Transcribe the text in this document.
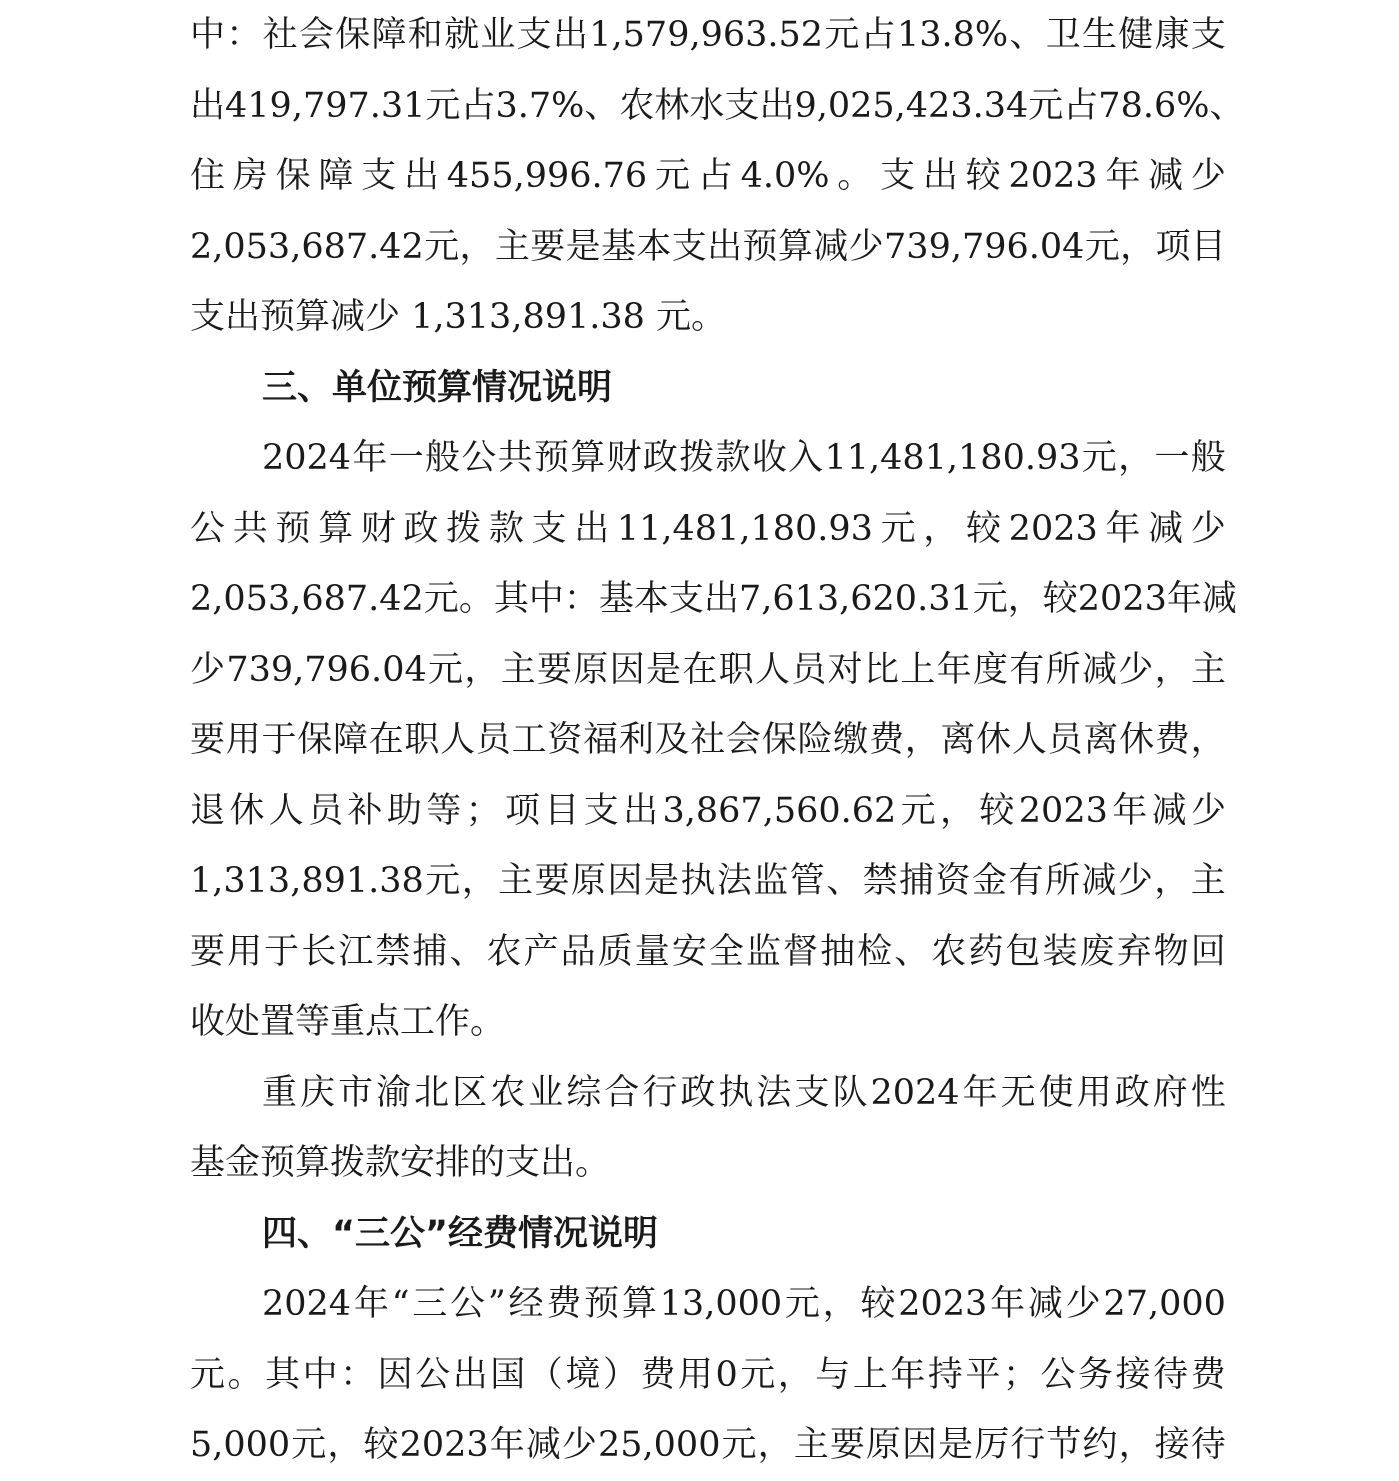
中 ： 社 会 保 障 和 就 业 支 出 1,579,963.52 元 占 13.8% 、 卫 生 健 康 支
出 419,797.31 元 占 3.7% 、 农 林 水 支 出 9,025,423.34 元 占 78.6% 、
住 房 保 障 支 出 455,996.76 元 占 4.0% 。 支 出 较 2023 年 减 少
2,053,687.42 元 ， 主 要 是 基 本 支 出 预 算 减 少 739,796.04 元 ， 项 目
支出预算减少 1,313,891.38 元。
三、单位预算情况说明
2024 年 一 般 公 共 预 算 财 政 拨 款 收 入 11,481,180.93 元 ， 一 般
公 共 预 算 财 政 拨 款 支 出 11,481,180.93 元 ， 较 2023 年 减 少
2,053,687.42 元 。 其 中 ： 基 本 支 出 7,613,620.31 元 ， 较 2023 年 减
少 739,796.04 元 ， 主 要 原 因 是 在 职 人 员 对 比 上 年 度 有 所 减 少 ， 主
要 用 于 保 障 在 职 人 员 工 资 福 利 及 社 会 保 险 缴 费 ， 离 休 人 员 离 休 费 ，
退 休 人 员 补 助 等 ； 项 目 支 出 3,867,560.62 元 ， 较 2023 年 减 少
1,313,891.38 元 ， 主 要 原 因 是 执 法 监 管 、 禁 捕 资 金 有 所 减 少 ， 主
要 用 于 长 江 禁 捕 、 农 产 品 质 量 安 全 监 督 抽 检 、 农 药 包 装 废 弃 物 回
收处置等重点工作。
重 庆 市 渝 北 区 农 业 综 合 行 政 执 法 支 队 2024 年 无 使 用 政 府 性
基金预算拨款安排的支出。
四、“三公”经费情况说明
2024 年 “ 三 公 ” 经 费 预 算 13,000 元 ， 较 2023 年 减 少 27,000
元 。 其 中 ： 因 公 出 国 （ 境 ） 费 用 0 元 ， 与 上 年 持 平 ； 公 务 接 待 费
5,000 元 ， 较 2023 年 减 少 25,000 元 ， 主 要 原 因 是 厉 行 节 约 ， 接 待
